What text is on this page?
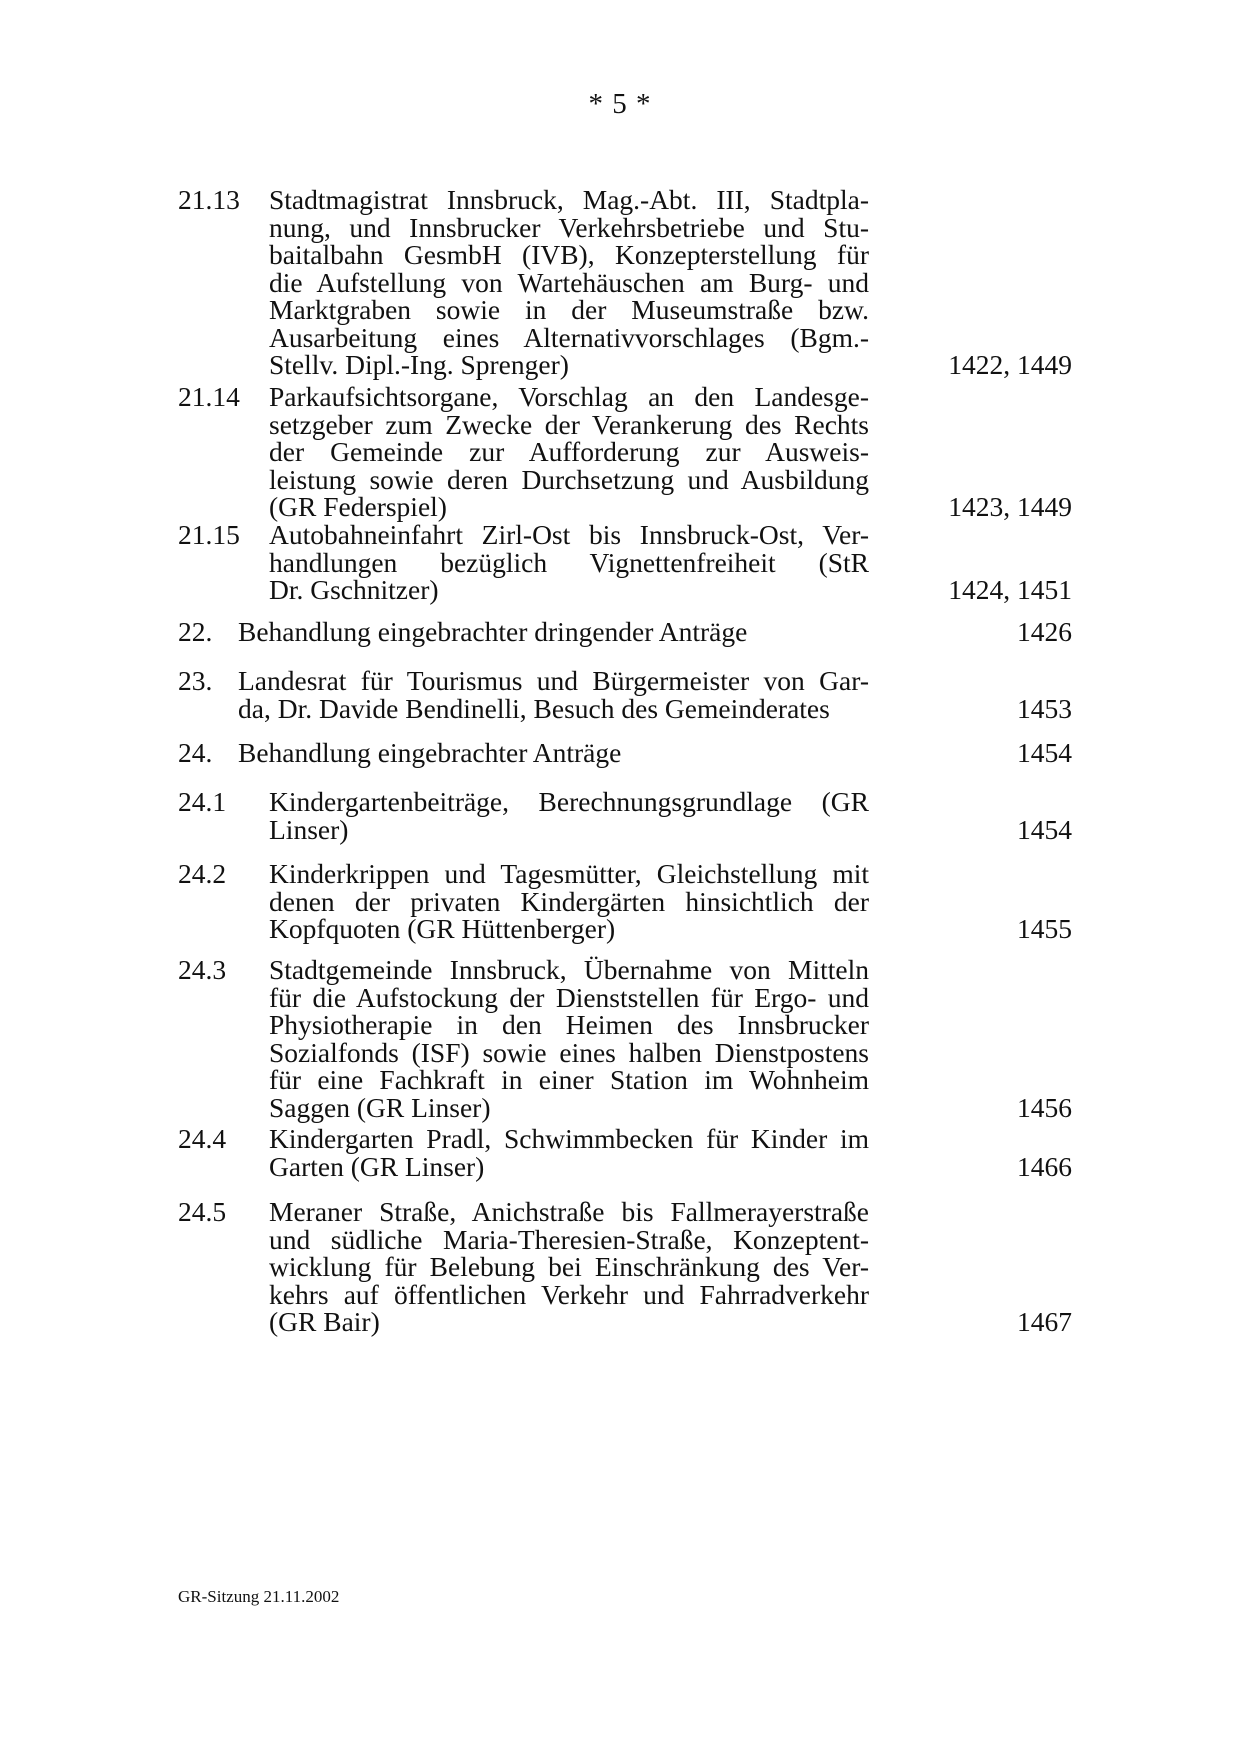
* 5 *
21.13 Stadtmagistrat Innsbruck, Mag.-Abt. III, Stadtpla-
nung, und Innsbrucker Verkehrsbetriebe und Stu-
baitalbahn GesmbH (IVB), Konzepterstellung für
die Aufstellung von Wartehäuschen am Burg- und
Marktgraben sowie in der Museumstraße bzw.
Ausarbeitung eines Alternativvorschlages (Bgm.-
Stellv. Dipl.-Ing. Sprenger)	1422, 1449
21.14 Parkaufsichtsorgane, Vorschlag an den Landesge-
setzgeber zum Zwecke der Verankerung des Rechts
der Gemeinde zur Aufforderung zur Ausweis-
leistung sowie deren Durchsetzung und Ausbildung
(GR Federspiel)	1423, 1449
21.15 Autobahneinfahrt Zirl-Ost bis Innsbruck-Ost, Ver-
handlungen bezüglich Vignettenfreiheit (StR
Dr. Gschnitzer)	1424, 1451
22. Behandlung eingebrachter dringender Anträge	1426
23. Landesrat für Tourismus und Bürgermeister von Gar-
da, Dr. Davide Bendinelli, Besuch des Gemeinderates	1453
24. Behandlung eingebrachter Anträge	1454
24.1 Kindergartenbeiträge, Berechnungsgrundlage (GR
Linser)	1454
24.2 Kinderkrippen und Tagesmütter, Gleichstellung mit
denen der privaten Kindergärten hinsichtlich der
Kopfquoten (GR Hüttenberger)	1455
24.3 Stadtgemeinde Innsbruck, Übernahme von Mitteln
für die Aufstockung der Dienststellen für Ergo- und
Physiotherapie in den Heimen des Innsbrucker
Sozialfonds (ISF) sowie eines halben Dienstpostens
für eine Fachkraft in einer Station im Wohnheim
Saggen (GR Linser)	1456
24.4 Kindergarten Pradl, Schwimmbecken für Kinder im
Garten (GR Linser)	1466
24.5 Meraner Straße, Anichstraße bis Fallmerayerstraße
und südliche Maria-Theresien-Straße, Konzeptent-
wicklung für Belebung bei Einschränkung des Ver-
kehrs auf öffentlichen Verkehr und Fahrradverkehr
(GR Bair)	1467
GR-Sitzung 21.11.2002
